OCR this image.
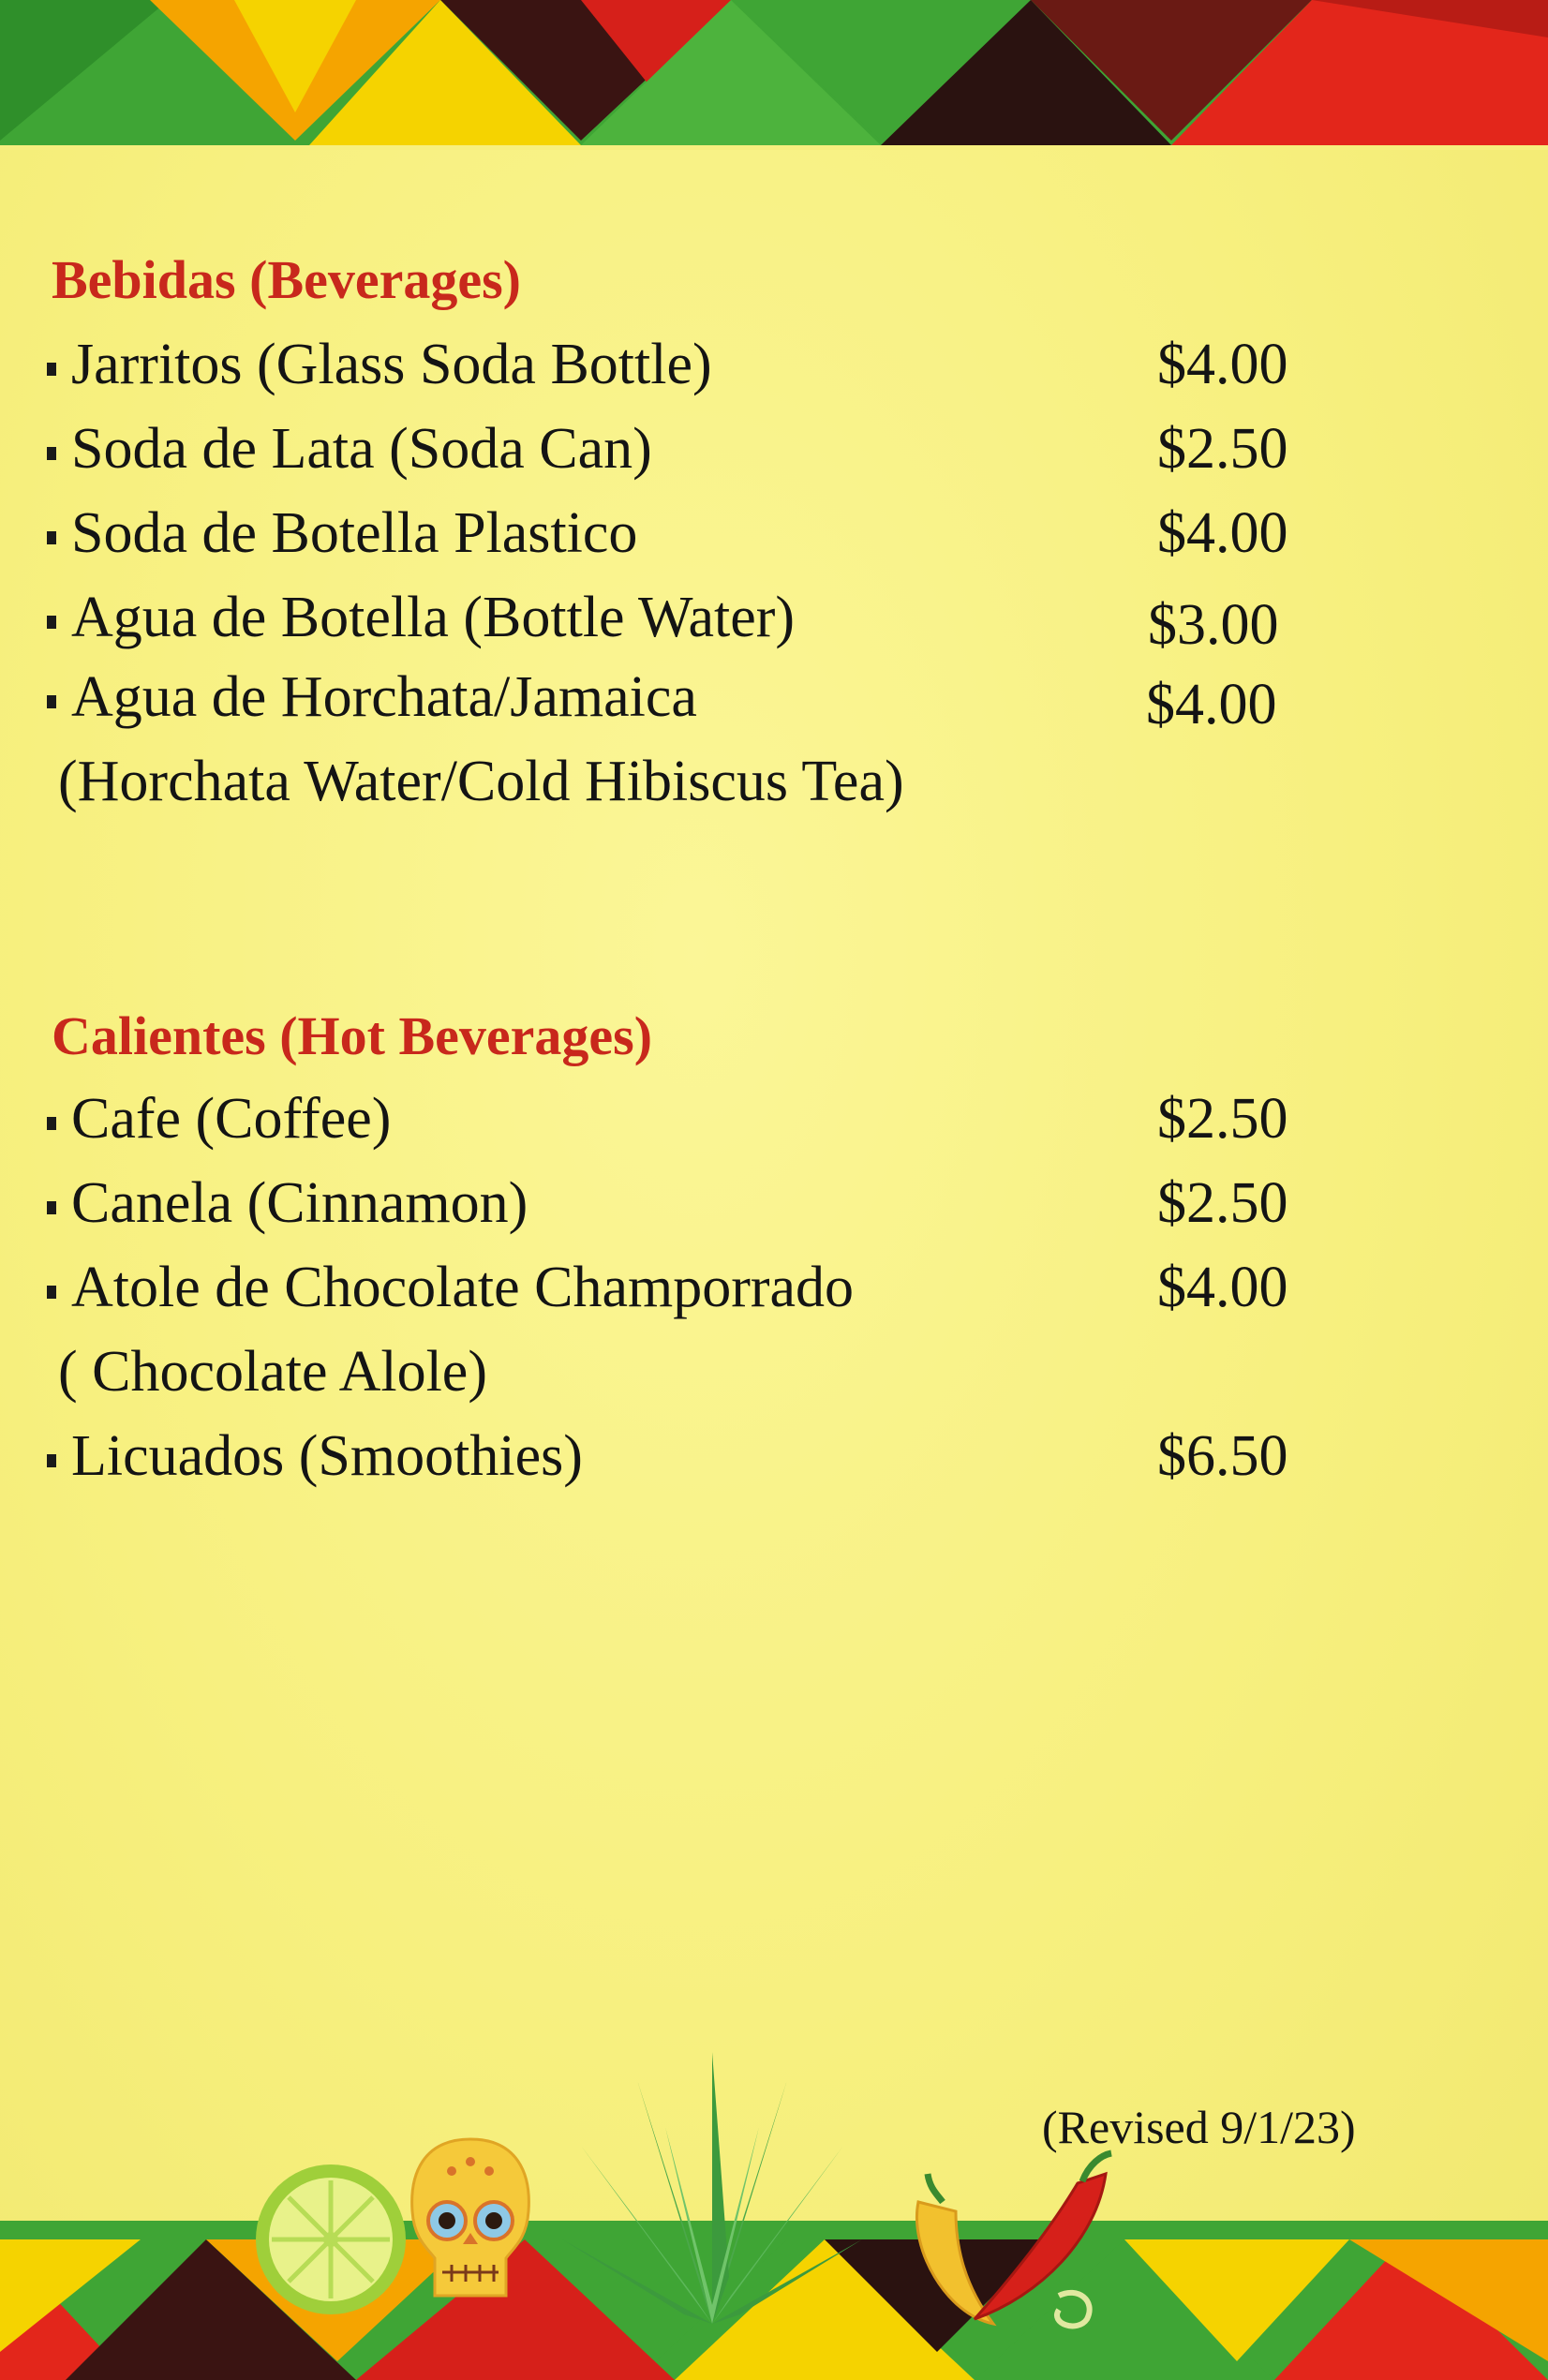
Bebidas (Beverages)
Jarritos (Glass Soda Bottle)	$4.00
Soda de Lata (Soda Can)	$2.50
Soda de Botella Plastico	$4.00
Agua de Botella (Bottle Water)	$3.00
Agua de Horchata/Jamaica	$4.00
(Horchata Water/Cold Hibiscus Tea)
Calientes (Hot Beverages)
Cafe (Coffee)	$2.50
Canela (Cinnamon)	$2.50
Atole de Chocolate Champorrado	$4.00
( Chocolate Alole)
Licuados (Smoothies)	$6.50
(Revised 9/1/23)
